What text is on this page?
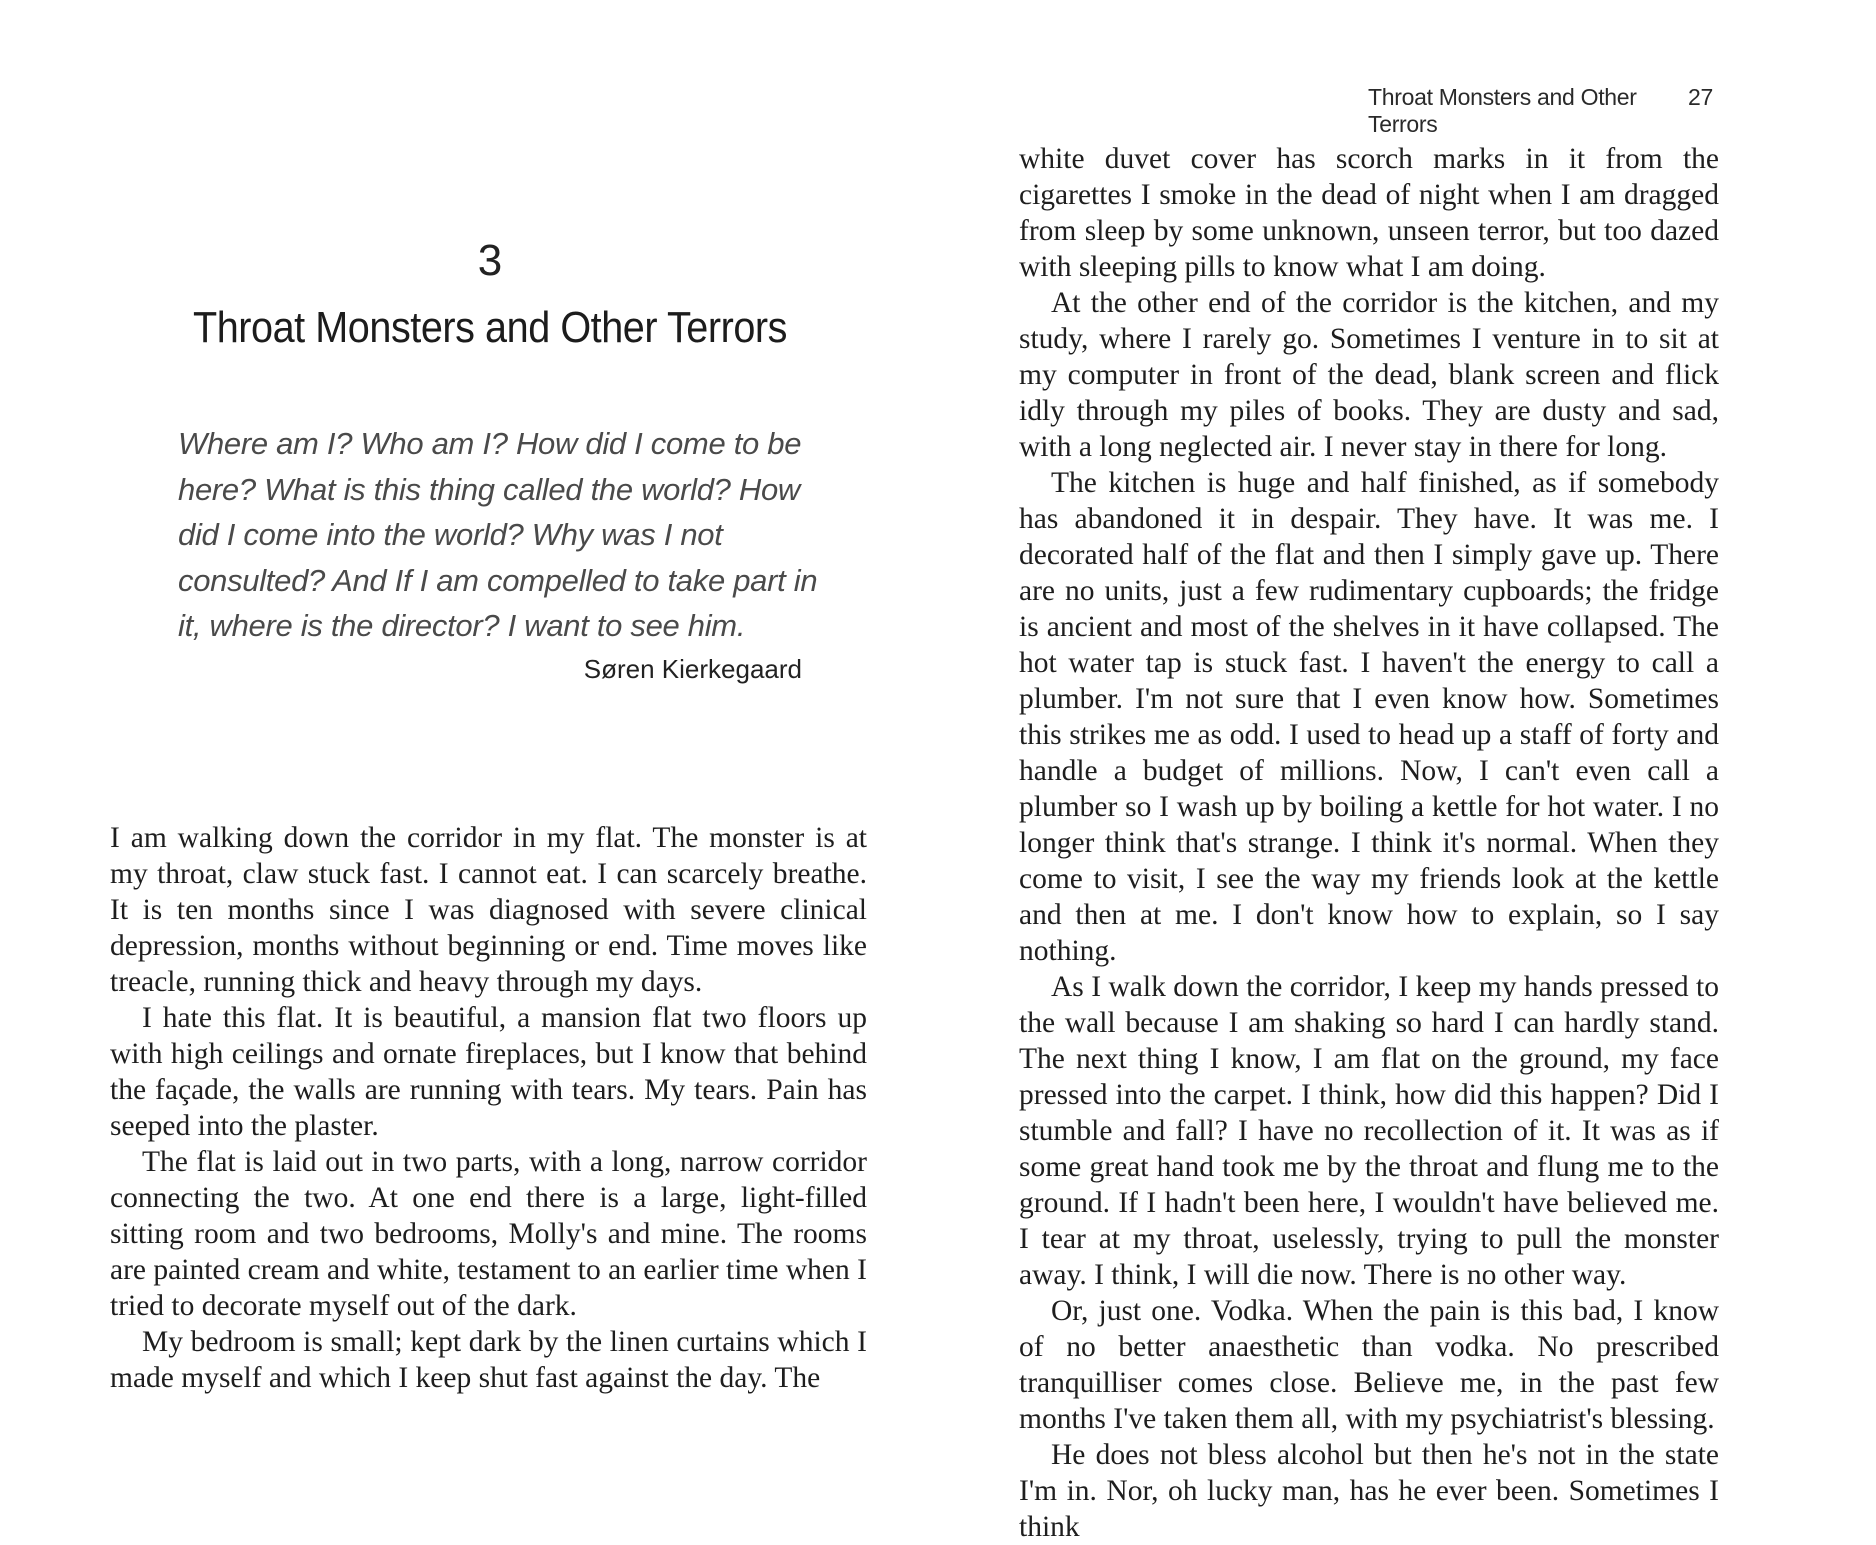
3
Throat Monsters and Other Terrors

Where am I? Who am I? How did I come to be here? What is this thing called the world? How did I come into the world? Why was I not consulted? And If I am compelled to take part in it, where is the director? I want to see him.

Søren Kierkegaard

I am walking down the corridor in my flat. The monster is at my throat, claw stuck fast. I cannot eat. I can scarcely breathe. It is ten months since I was diagnosed with severe clinical depression, months without beginning or end. Time moves like treacle, running thick and heavy through my days.

I hate this flat. It is beautiful, a mansion flat two floors up with high ceilings and ornate fireplaces, but I know that behind the façade, the walls are running with tears. My tears. Pain has seeped into the plaster.

The flat is laid out in two parts, with a long, narrow corridor connecting the two. At one end there is a large, light-filled sitting room and two bedrooms, Molly's and mine. The rooms are painted cream and white, testament to an earlier time when I tried to decorate myself out of the dark.

My bedroom is small; kept dark by the linen curtains which I made myself and which I keep shut fast against the day. The

Throat Monsters and Other Terrors
27

white duvet cover has scorch marks in it from the cigarettes I smoke in the dead of night when I am dragged from sleep by some unknown, unseen terror, but too dazed with sleeping pills to know what I am doing.

At the other end of the corridor is the kitchen, and my study, where I rarely go. Sometimes I venture in to sit at my computer in front of the dead, blank screen and flick idly through my piles of books. They are dusty and sad, with a long neglected air. I never stay in there for long.

The kitchen is huge and half finished, as if somebody has abandoned it in despair. They have. It was me. I decorated half of the flat and then I simply gave up. There are no units, just a few rudimentary cupboards; the fridge is ancient and most of the shelves in it have collapsed. The hot water tap is stuck fast. I haven't the energy to call a plumber. I'm not sure that I even know how. Sometimes this strikes me as odd. I used to head up a staff of forty and handle a budget of millions. Now, I can't even call a plumber so I wash up by boiling a kettle for hot water. I no longer think that's strange. I think it's normal. When they come to visit, I see the way my friends look at the kettle and then at me. I don't know how to explain, so I say nothing.

As I walk down the corridor, I keep my hands pressed to the wall because I am shaking so hard I can hardly stand. The next thing I know, I am flat on the ground, my face pressed into the carpet. I think, how did this happen? Did I stumble and fall? I have no recollection of it. It was as if some great hand took me by the throat and flung me to the ground. If I hadn't been here, I wouldn't have believed me. I tear at my throat, uselessly, trying to pull the monster away. I think, I will die now. There is no other way.

Or, just one. Vodka. When the pain is this bad, I know of no better anaesthetic than vodka. No prescribed tranquilliser comes close. Believe me, in the past few months I've taken them all, with my psychiatrist's blessing.

He does not bless alcohol but then he's not in the state I'm in. Nor, oh lucky man, has he ever been. Sometimes I think
